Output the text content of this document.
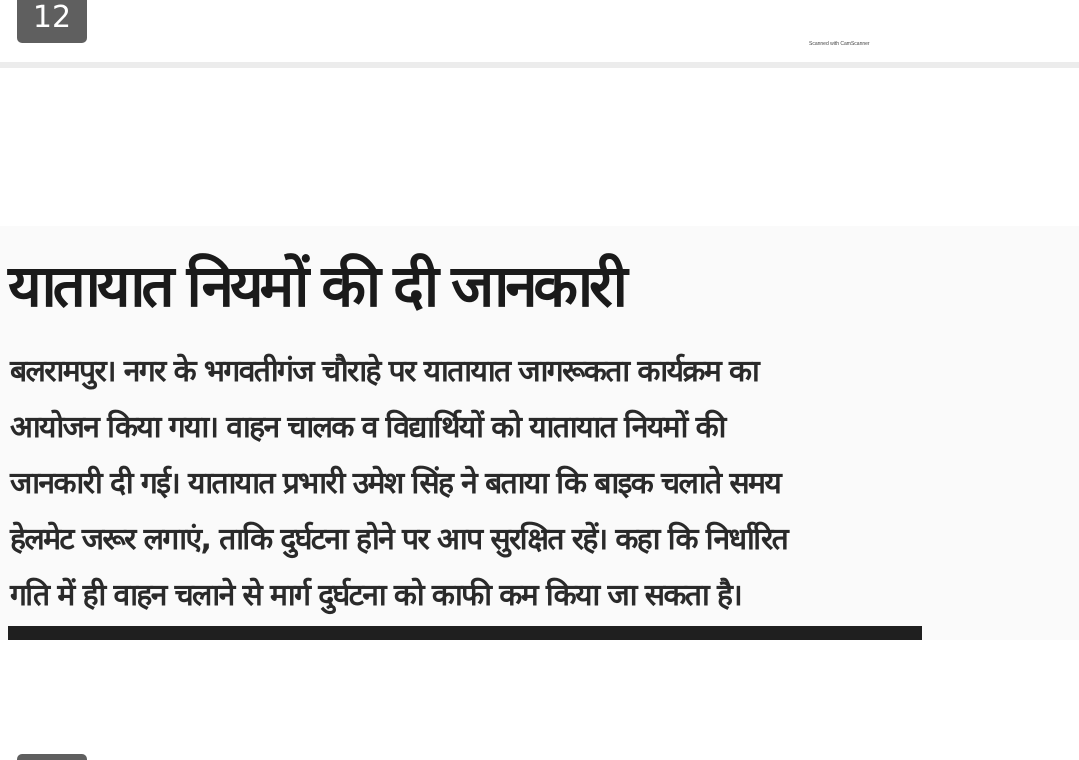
12
Scanned with CamScanner
यातायात नियमों की दी जानकारी

बलरामपुर। नगर के भगवतीगंज चौराहे पर यातायात जागरूकता कार्यक्रम का
आयोजन किया गया। वाहन चालक व विद्यार्थियों को यातायात नियमों की
जानकारी दी गई। यातायात प्रभारी उमेश सिंह ने बताया कि बाइक चलाते समय
हेलमेट जरूर लगाएं, ताकि दुर्घटना होने पर आप सुरक्षित रहें। कहा कि निर्धारित
गति में ही वाहन चलाने से मार्ग दुर्घटना को काफी कम किया जा सकता है।
